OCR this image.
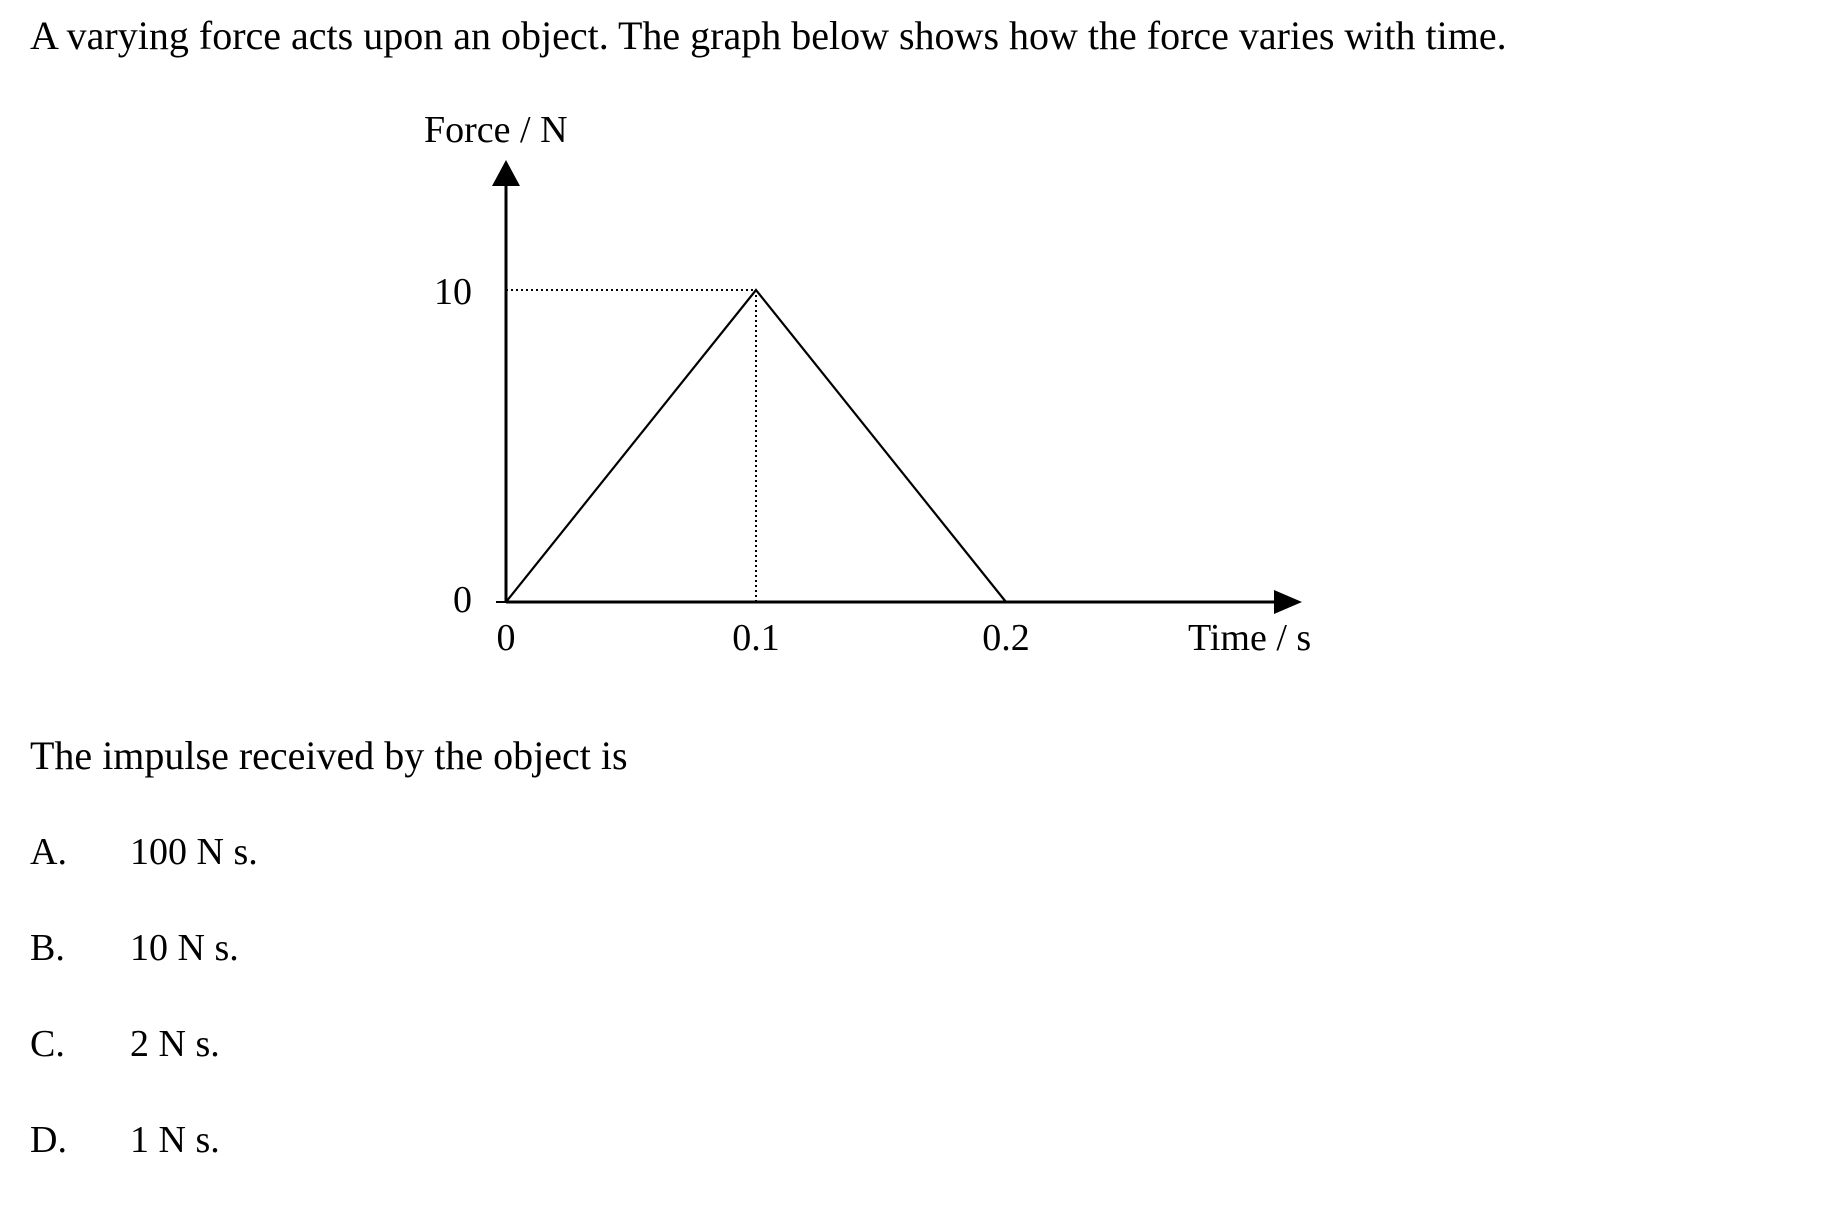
A varying force acts upon an object. The graph below shows how the force varies with time.
Force / N
Time / s
10
0
0	0.1	0.2
The impulse received by the object is
A. 100 N s.
B. 10 N s.
C. 2 N s.
D. 1 N s.
